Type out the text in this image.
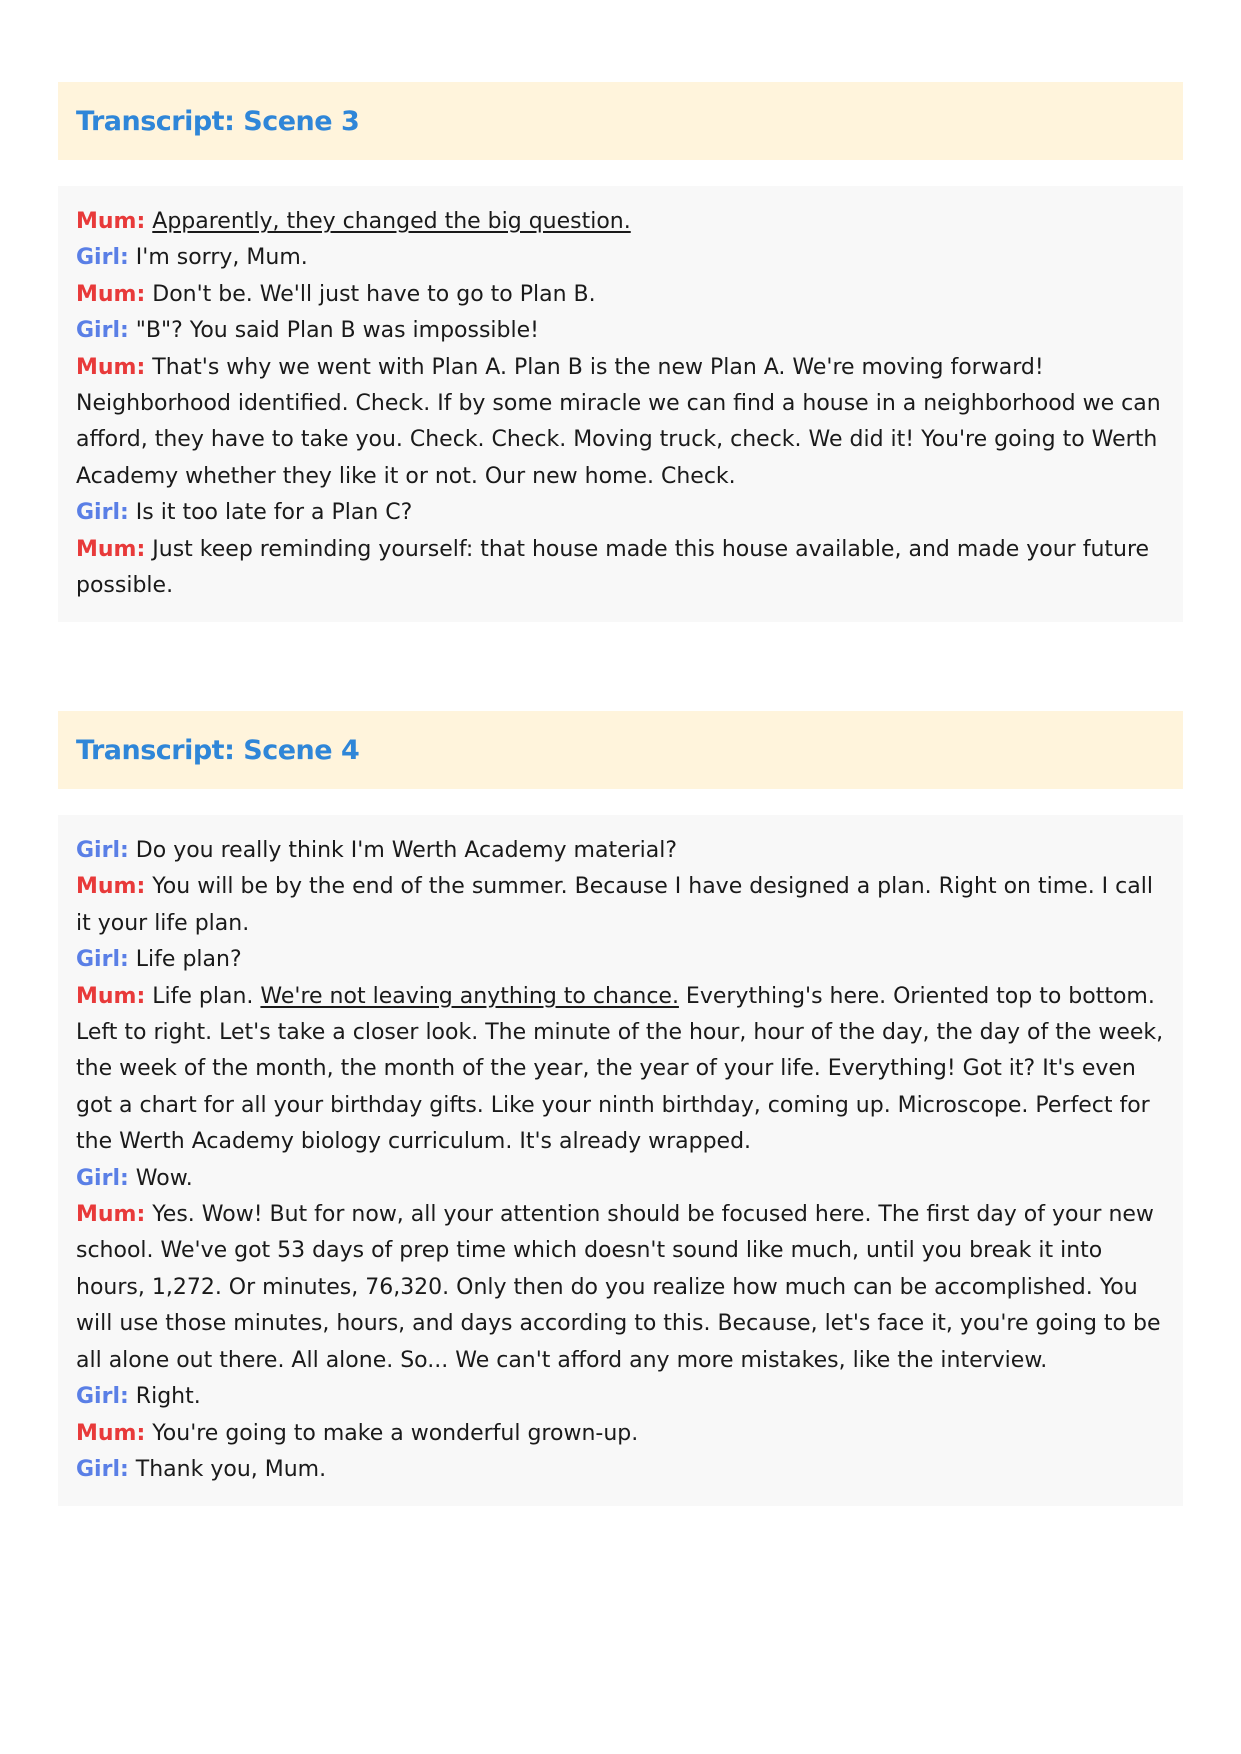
Transcript: Scene 3

Mum: Apparently, they changed the big question.

Girl: I'm sorry, Mum.

Mum: Don't be. We'll just have to go to Plan B.

Girl: "B"? You said Plan B was impossible!

Mum: That's why we went with Plan A. Plan B is the new Plan A. We're moving forward! Neighborhood identified. Check. If by some miracle we can find a house in a neighborhood we can afford, they have to take you. Check. Check. Moving truck, check. We did it! You're going to Werth Academy whether they like it or not. Our new home. Check.

Girl: Is it too late for a Plan C?

Mum: Just keep reminding yourself: that house made this house available, and made your future possible.

Transcript: Scene 4

Girl: Do you really think I'm Werth Academy material?

Mum: You will be by the end of the summer. Because I have designed a plan. Right on time. I call it your life plan.

Girl: Life plan?

Mum: Life plan. We're not leaving anything to chance. Everything's here. Oriented top to bottom. Left to right. Let's take a closer look. The minute of the hour, hour of the day, the day of the week, the week of the month, the month of the year, the year of your life. Everything! Got it? It's even got a chart for all your birthday gifts. Like your ninth birthday, coming up. Microscope. Perfect for the Werth Academy biology curriculum. It's already wrapped.

Girl: Wow.

Mum: Yes. Wow! But for now, all your attention should be focused here. The first day of your new school. We've got 53 days of prep time which doesn't sound like much, until you break it into hours, 1,272. Or minutes, 76,320. Only then do you realize how much can be accomplished. You will use those minutes, hours, and days according to this. Because, let's face it, you're going to be all alone out there. All alone. So... We can't afford any more mistakes, like the interview.

Girl: Right.

Mum: You're going to make a wonderful grown-up.

Girl: Thank you, Mum.
